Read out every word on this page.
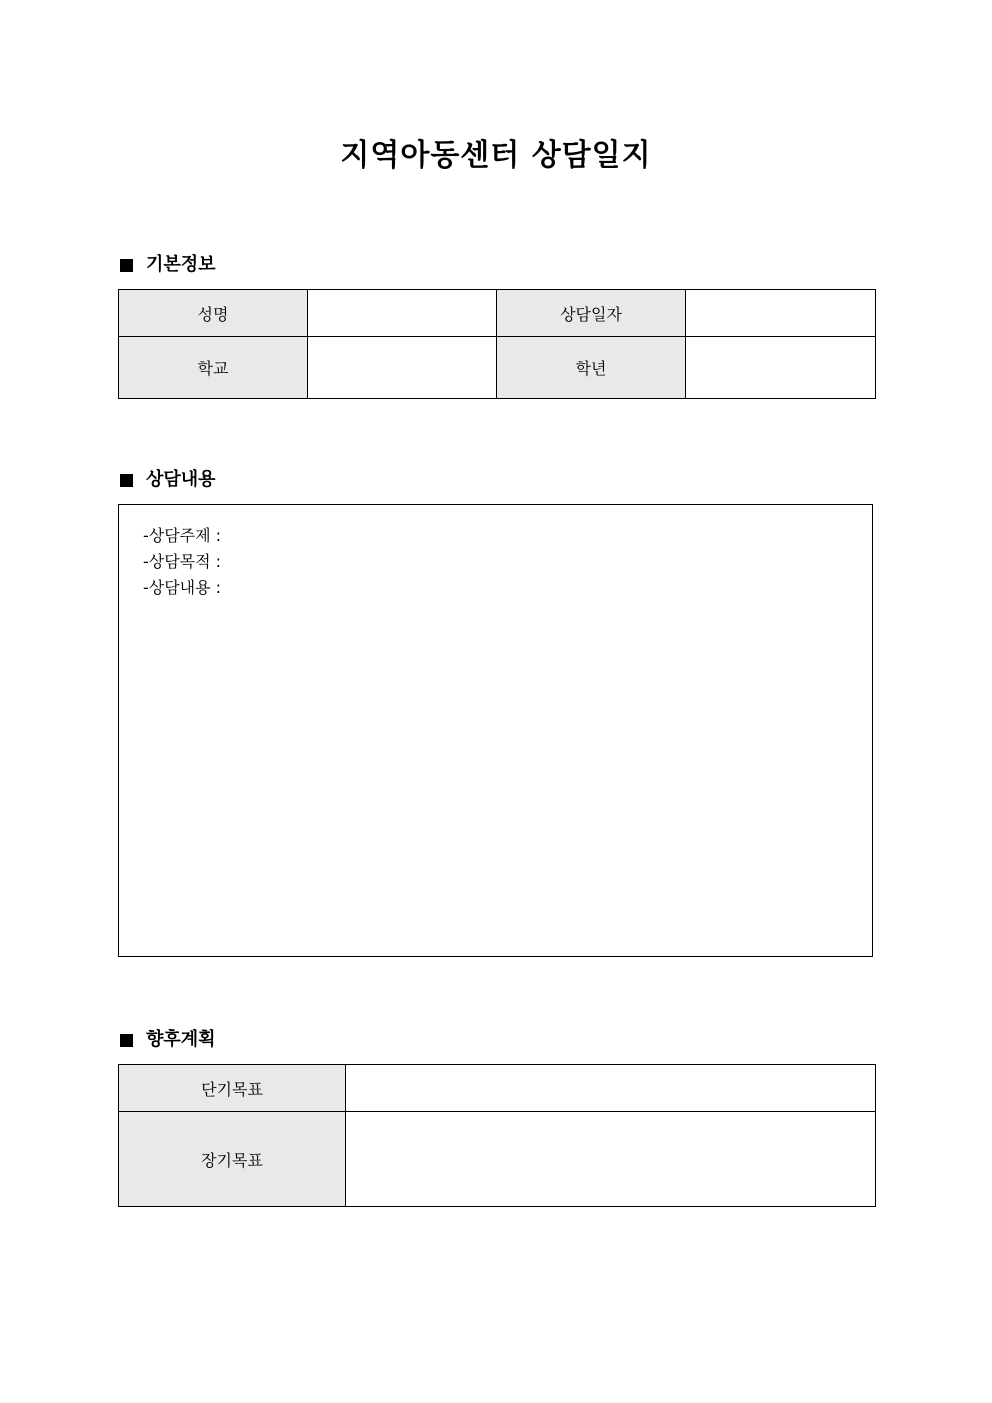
지역아동센터 상담일지
기본정보
성명		상담일자	
학교		학년	
상담내용
-상담주제 :
-상담목적 :
-상담내용 :
향후계획
단기목표	
장기목표	
